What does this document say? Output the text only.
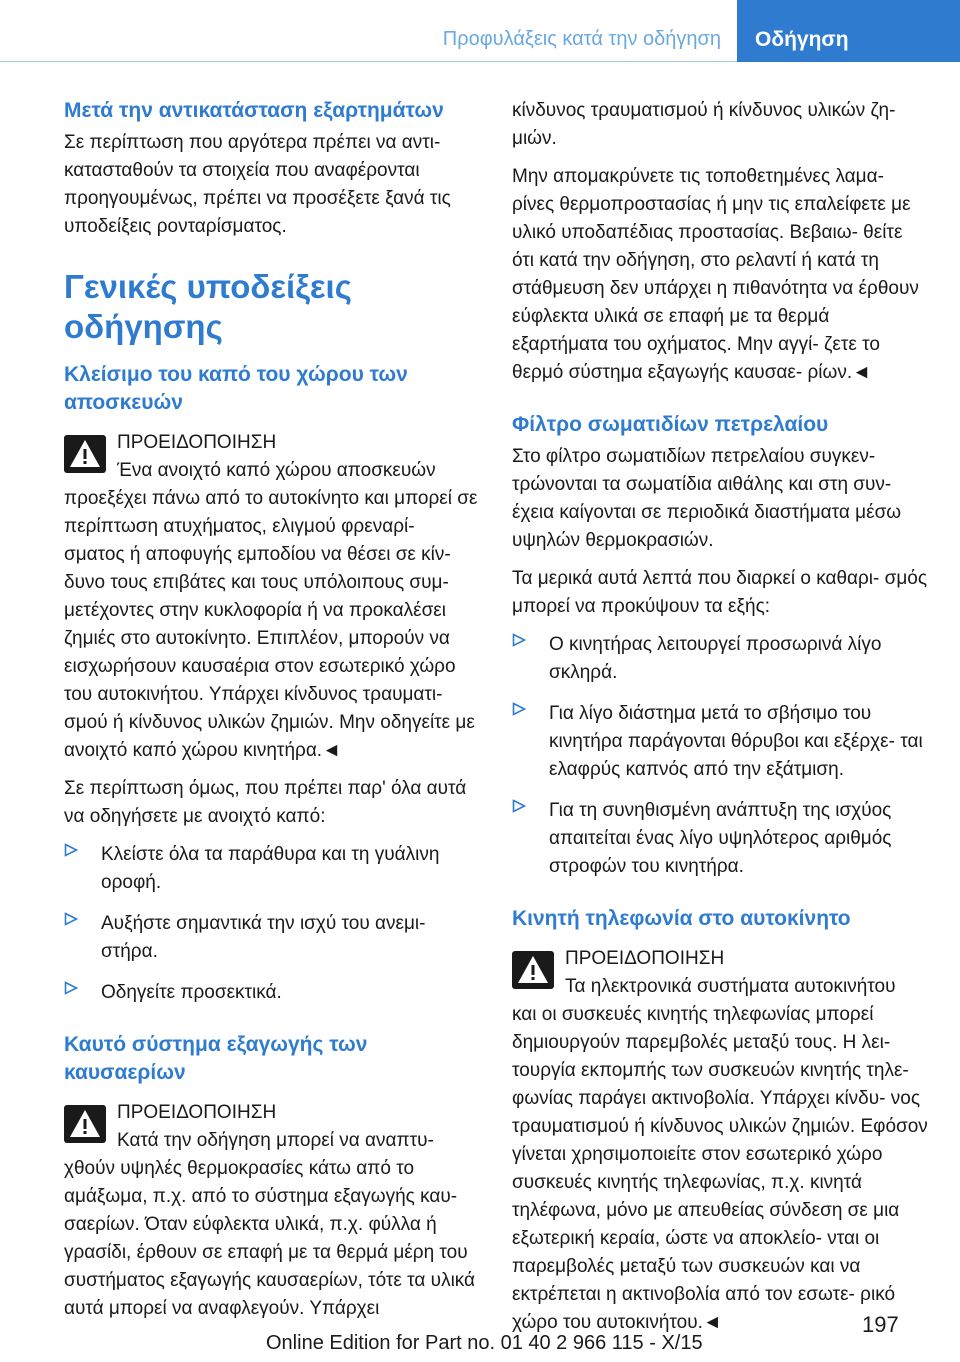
Προφυλάξεις κατά την οδήγηση Οδήγηση
Μετά την αντικατάσταση εξαρτημάτων

Σε περίπτωση που αργότερα πρέπει να αντι- κατασταθούν τα στοιχεία που αναφέρονται προηγουμένως, πρέπει να προσέξετε ξανά τις υποδείξεις ρονταρίσματος.

Γενικές υποδείξεις οδήγησης
Κλείσιμο του καπό του χώρου των αποσκευών

ΠΡΟΕΙΔΟΠΟΙΗΣΗ

Ένα ανοιχτό καπό χώρου αποσκευών

προεξέχει πάνω από το αυτοκίνητο και μπορεί σε περίπτωση ατυχήματος, ελιγμού φρεναρί- σματος ή αποφυγής εμποδίου να θέσει σε κίν- δυνο τους επιβάτες και τους υπόλοιπους συμ- μετέχοντες στην κυκλοφορία ή να προκαλέσει ζημιές στο αυτοκίνητο. Επιπλέον, μπορούν να εισχωρήσουν καυσαέρια στον εσωτερικό χώρο του αυτοκινήτου. Υπάρχει κίνδυνος τραυματι- σμού ή κίνδυνος υλικών ζημιών. Μην οδηγείτε με ανοιχτό καπό χώρου κινητήρα.◄

Σε περίπτωση όμως, που πρέπει παρ' όλα αυτά να οδηγήσετε με ανοιχτό καπό:

Κλείστε όλα τα παράθυρα και τη γυάλινη οροφή.
Αυξήστε σημαντικά την ισχύ του ανεμι- στήρα.
Οδηγείτε προσεκτικά.
Καυτό σύστημα εξαγωγής των καυσαερίων

ΠΡΟΕΙΔΟΠΟΙΗΣΗ

Κατά την οδήγηση μπορεί να αναπτυ-

χθούν υψηλές θερμοκρασίες κάτω από το αμάξωμα, π.χ. από το σύστημα εξαγωγής καυ- σαερίων. Όταν εύφλεκτα υλικά, π.χ. φύλλα ή γρασίδι, έρθουν σε επαφή με τα θερμά μέρη του συστήματος εξαγωγής καυσαερίων, τότε τα υλικά αυτά μπορεί να αναφλεγούν. Υπάρχει

κίνδυνος τραυματισμού ή κίνδυνος υλικών ζη- μιών.

Μην απομακρύνετε τις τοποθετημένες λαμα- ρίνες θερμοπροστασίας ή μην τις επαλείφετε με υλικό υποδαπέδιας προστασίας. Βεβαιω- θείτε ότι κατά την οδήγηση, στο ρελαντί ή κατά τη στάθμευση δεν υπάρχει η πιθανότητα να έρθουν εύφλεκτα υλικά σε επαφή με τα θερμά εξαρτήματα του οχήματος. Μην αγγί- ζετε το θερμό σύστημα εξαγωγής καυσαε- ρίων.◄

Φίλτρο σωματιδίων πετρελαίου

Στο φίλτρο σωματιδίων πετρελαίου συγκεν- τρώνονται τα σωματίδια αιθάλης και στη συν- έχεια καίγονται σε περιοδικά διαστήματα μέσω υψηλών θερμοκρασιών.

Τα μερικά αυτά λεπτά που διαρκεί ο καθαρι- σμός μπορεί να προκύψουν τα εξής:

Ο κινητήρας λειτουργεί προσωρινά λίγο σκληρά.
Για λίγο διάστημα μετά το σβήσιμο του κινητήρα παράγονται θόρυβοι και εξέρχε- ται ελαφρύς καπνός από την εξάτμιση.
Για τη συνηθισμένη ανάπτυξη της ισχύος απαιτείται ένας λίγο υψηλότερος αριθμός στροφών του κινητήρα.
Κινητή τηλεφωνία στο αυτοκίνητο

ΠΡΟΕΙΔΟΠΟΙΗΣΗ

Τα ηλεκτρονικά συστήματα αυτοκινήτου

και οι συσκευές κινητής τηλεφωνίας μπορεί δημιουργούν παρεμβολές μεταξύ τους. Η λει- τουργία εκπομπής των συσκευών κινητής τηλε- φωνίας παράγει ακτινοβολία. Υπάρχει κίνδυ- νος τραυματισμού ή κίνδυνος υλικών ζημιών. Εφόσον γίνεται χρησιμοποιείτε στον εσωτερικό χώρο συσκευές κινητής τηλεφωνίας, π.χ. κινητά τηλέφωνα, μόνο με απευθείας σύνδεση σε μια εξωτερική κεραία, ώστε να αποκλείο- νται οι παρεμβολές μεταξύ των συσκευών και να εκτρέπεται η ακτινοβολία από τον εσωτε- ρικό χώρο του αυτοκινήτου.◄	197
Online Edition for Part no. 01 40 2 966 115 - X/15
